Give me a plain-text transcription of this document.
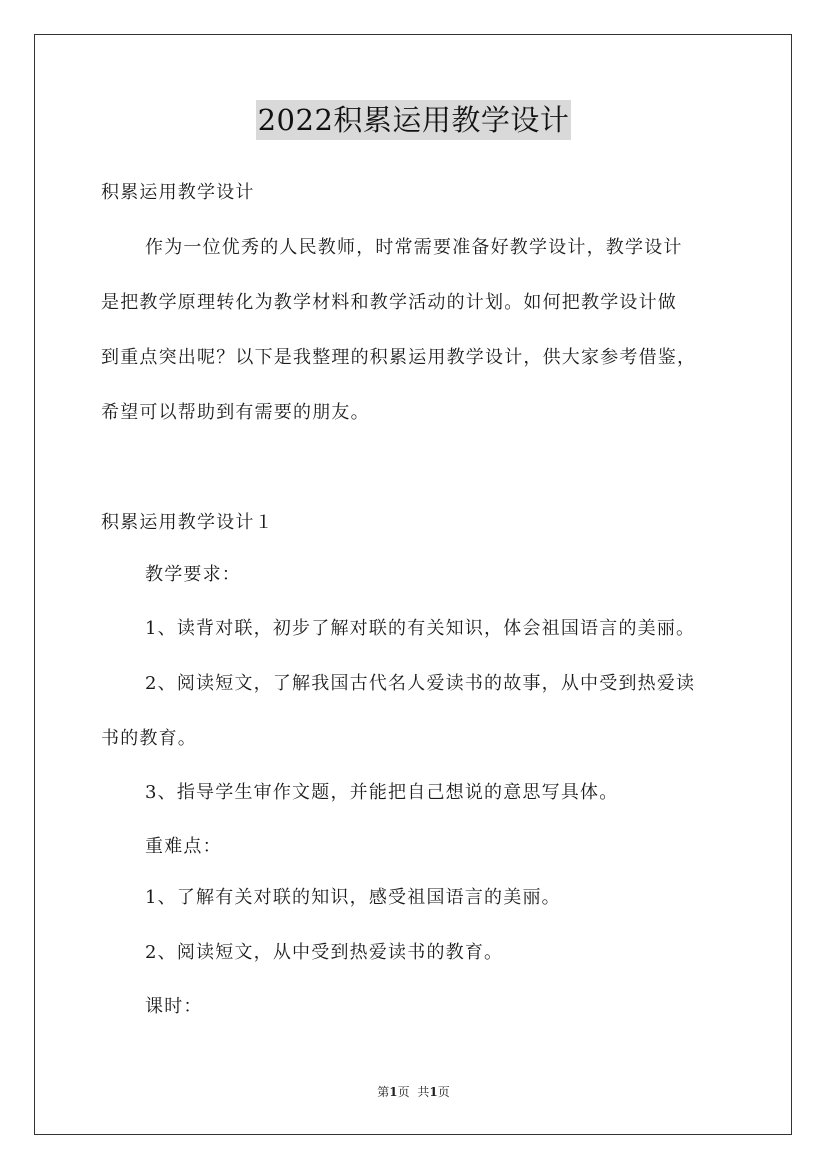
2022积累运用教学设计
积累运用教学设计
作为一位优秀的人民教师，时常需要准备好教学设计，教学设计
是把教学原理转化为教学材料和教学活动的计划。如何把教学设计做
到重点突出呢？以下是我整理的积累运用教学设计，供大家参考借鉴，
希望可以帮助到有需要的朋友。
积累运用教学设计１
教学要求：
1、读背对联，初步了解对联的有关知识，体会祖国语言的美丽。
2、阅读短文，了解我国古代名人爱读书的故事，从中受到热爱读
书的教育。
3、指导学生审作文题，并能把自己想说的意思写具体。
重难点：
1、了解有关对联的知识，感受祖国语言的美丽。
2、阅读短文，从中受到热爱读书的教育。
课时：
第1页 共1页
